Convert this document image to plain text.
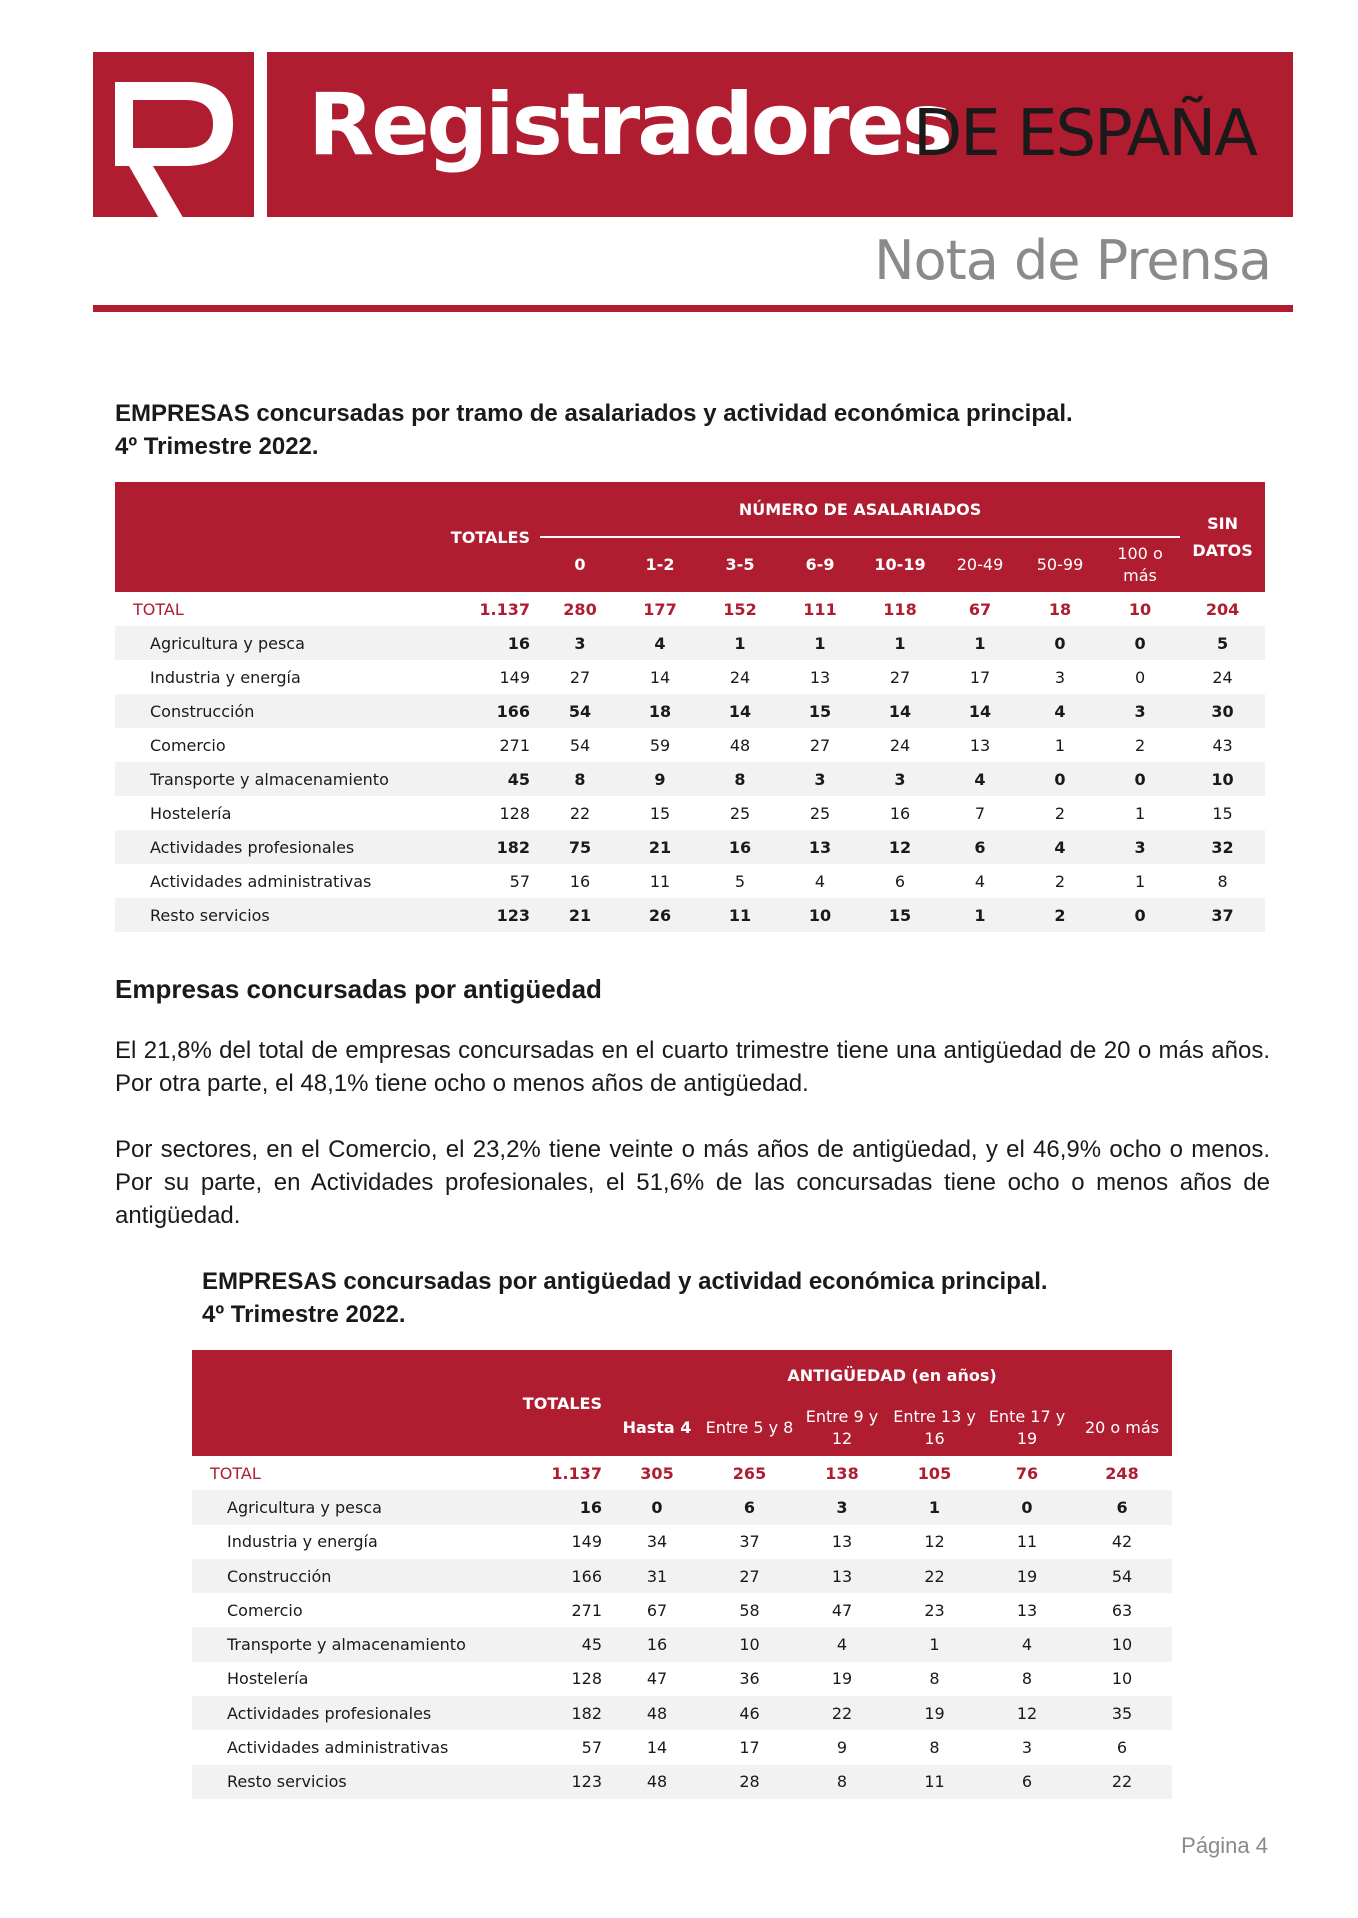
Registradores
DE ESPAÑA
Nota de Prensa
EMPRESAS concursadas por tramo de asalariados y actividad económica principal.
4º Trimestre 2022.
	TOTALES	NÚMERO DE ASALARIADOS								SIN
DATOS

		0	1-2	3-5	6-9	10-19	20-49	50-99	100 o más	
TOTAL	1.137	280	177	152	111	118	67	18	10	204
Agricultura y pesca	16	3	4	1	1	1	1	0	0	5
Industria y energía	149	27	14	24	13	27	17	3	0	24
Construcción	166	54	18	14	15	14	14	4	3	30
Comercio	271	54	59	48	27	24	13	1	2	43
Transporte y almacenamiento	45	8	9	8	3	3	4	0	0	10
Hostelería	128	22	15	25	25	16	7	2	1	15
Actividades profesionales	182	75	21	16	13	12	6	4	3	32
Actividades administrativas	57	16	11	5	4	6	4	2	1	8
Resto servicios	123	21	26	11	10	15	1	2	0	37
Empresas concursadas por antigüedad
El 21,8% del total de empresas concursadas en el cuarto trimestre tiene una antigüedad de 20 o más años. Por otra parte, el 48,1% tiene ocho o menos años de antigüedad.
Por sectores, en el Comercio, el 23,2% tiene veinte o más años de antigüedad, y el 46,9% ocho o menos. Por su parte, en Actividades profesionales, el 51,6% de las concursadas tiene ocho o menos años de antigüedad.
EMPRESAS concursadas por antigüedad y actividad económica principal.
4º Trimestre 2022.
	TOTALES	ANTIGÜEDAD (en años)					
		Hasta 4	Entre 5 y 8	Entre 9 y 12	Entre 13 y 16	Ente 17 y 19	20 o más
TOTAL	1.137	305	265	138	105	76	248
Agricultura y pesca	16	0	6	3	1	0	6
Industria y energía	149	34	37	13	12	11	42
Construcción	166	31	27	13	22	19	54
Comercio	271	67	58	47	23	13	63
Transporte y almacenamiento	45	16	10	4	1	4	10
Hostelería	128	47	36	19	8	8	10
Actividades profesionales	182	48	46	22	19	12	35
Actividades administrativas	57	14	17	9	8	3	6
Resto servicios	123	48	28	8	11	6	22
Página 4
